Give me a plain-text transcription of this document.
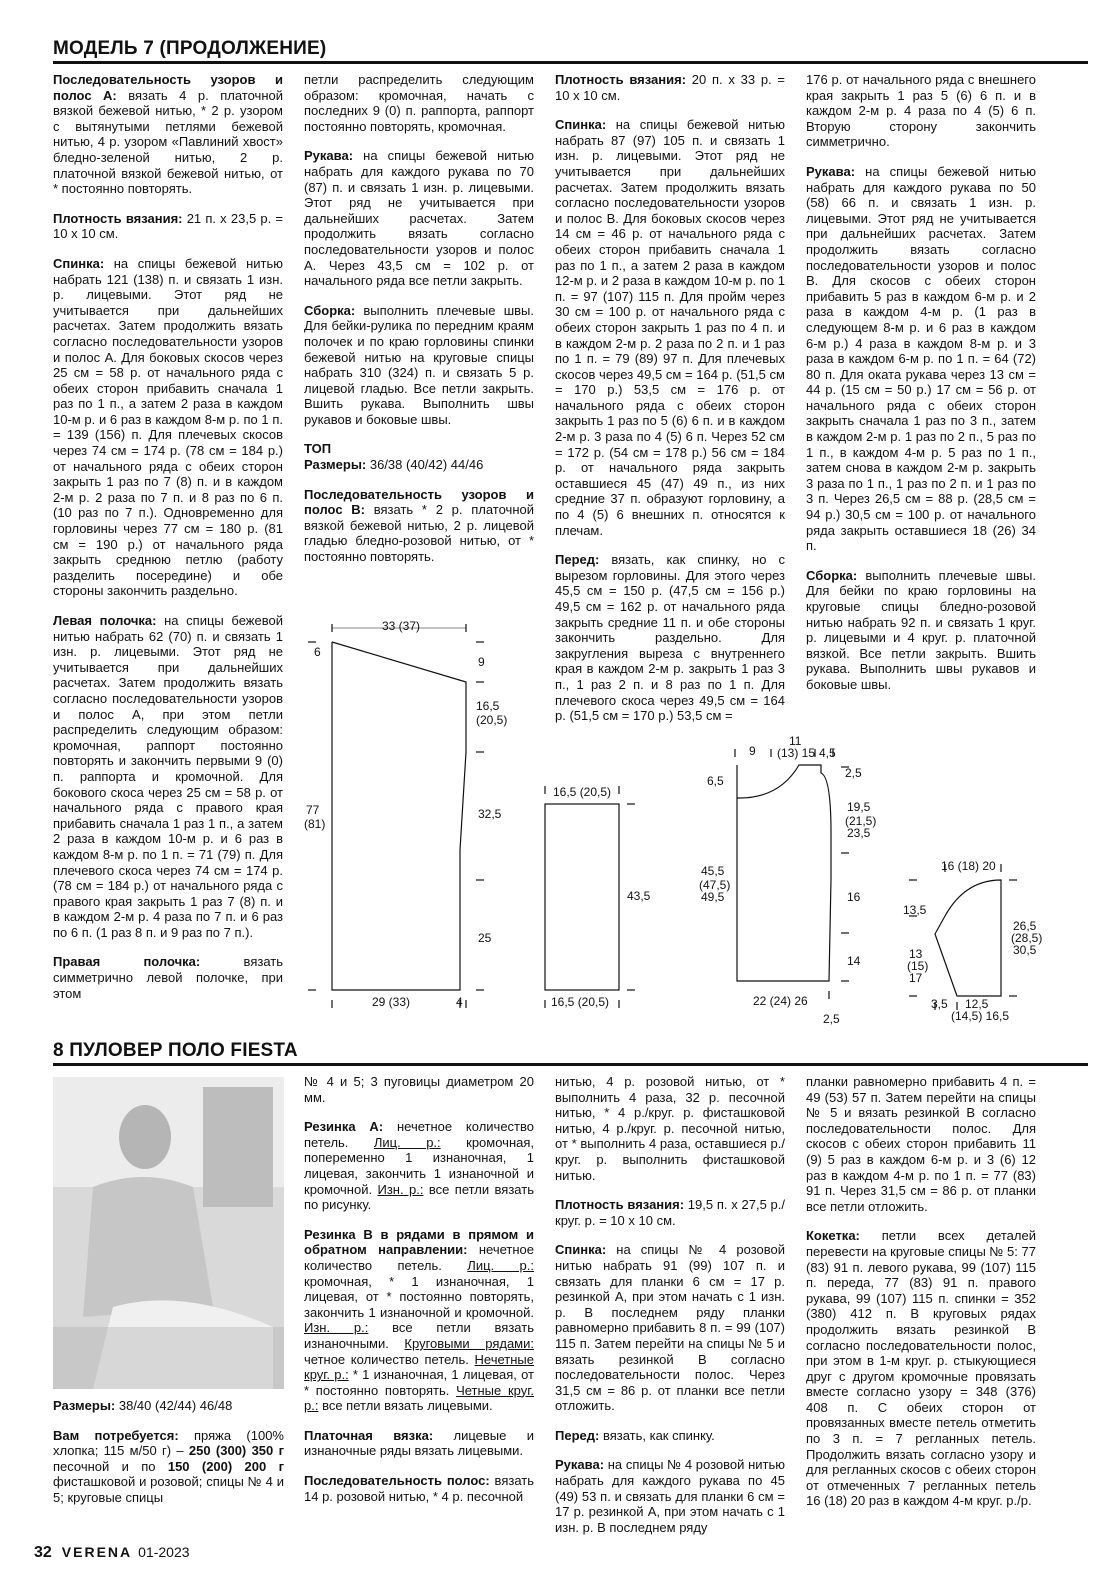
МОДЕЛЬ 7 (ПРОДОЛЖЕНИЕ)

Последовательность узоров и полос А: вязать 4 р. платочной вязкой бежевой нитью, * 2 р. узором с вытянутыми петлями бежевой нитью, 4 р. узором «Павлиний хвост» бледно-зеленой нитью, 2 р. платочной вязкой бежевой нитью, от * постоянно повторять.

Плотность вязания: 21 п. х 23,5 р. = 10 х 10 см.

Спинка: на спицы бежевой нитью набрать 121 (138) п. и связать 1 изн. р. лицевыми. Этот ряд не учитывается при дальнейших расчетах. Затем продолжить вязать согласно последовательности узоров и полос А. Для боковых скосов через 25 см = 58 р. от начального ряда с обеих сторон прибавить сначала 1 раз по 1 п., а затем 2 раза в каждом 10-м р. и 6 раз в каждом 8-м р. по 1 п. = 139 (156) п. Для плечевых скосов через 74 см = 174 р. (78 см = 184 р.) от начального ряда с обеих сторон закрыть 1 раз по 7 (8) п. и в каждом 2-м р. 2 раза по 7 п. и 8 раз по 6 п. (10 раз по 7 п.). Одновременно для горловины через 77 см = 180 р. (81 см = 190 р.) от начального ряда закрыть среднюю петлю (работу разделить посередине) и обе стороны закончить раздельно.

Левая полочка: на спицы бежевой нитью набрать 62 (70) п. и связать 1 изн. р. лицевыми. Этот ряд не учитывается при дальнейших расчетах. Затем продолжить вязать согласно последовательности узоров и полос А, при этом петли распределить следующим образом: кромочная, раппорт постоянно повторять и закончить первыми 9 (0) п. раппорта и кромочной. Для бокового скоса через 25 см = 58 р. от начального ряда с правого края прибавить сначала 1 раз 1 п., а затем 2 раза в каждом 10-м р. и 6 раз в каждом 8-м р. по 1 п. = 71 (79) п. Для плечевого скоса через 74 см = 174 р. (78 см = 184 р.) от начального ряда с правого края закрыть 1 раз 7 (8) п. и в каждом 2-м р. 4 раза по 7 п. и 6 раз по 6 п. (1 раз 8 п. и 9 раз по 7 п.).

Правая полочка: вязать симметрично левой полочке, при этом

петли распределить следующим образом: кромочная, начать с последних 9 (0) п. раппорта, раппорт постоянно повторять, кромочная.

Рукава: на спицы бежевой нитью набрать для каждого рукава по 70 (87) п. и связать 1 изн. р. лицевыми. Этот ряд не учитывается при дальнейших расчетах. Затем продолжить вязать согласно последовательности узоров и полос А. Через 43,5 см = 102 р. от начального ряда все петли закрыть.

Сборка: выполнить плечевые швы. Для бейки-рулика по передним краям полочек и по краю горловины спинки бежевой нитью на круговые спицы набрать 310 (324) п. и связать 5 р. лицевой гладью. Все петли закрыть. Вшить рукава. Выполнить швы рукавов и боковые швы.

ТОП
Размеры: 36/38 (40/42) 44/46

Последовательность узоров и полос В: вязать * 2 р. платочной вязкой бежевой нитью, 2 р. лицевой гладью бледно-розовой нитью, от * постоянно повторять.

Плотность вязания: 20 п. х 33 р. = 10 х 10 см.

Спинка: на спицы бежевой нитью набрать 87 (97) 105 п. и связать 1 изн. р. лицевыми. Этот ряд не учитывается при дальнейших расчетах. Затем продолжить вязать согласно последовательности узоров и полос В. Для боковых скосов через 14 см = 46 р. от начального ряда с обеих сторон прибавить сначала 1 раз по 1 п., а затем 2 раза в каждом 12-м р. и 2 раза в каждом 10-м р. по 1 п. = 97 (107) 115 п. Для пройм через 30 см = 100 р. от начального ряда с обеих сторон закрыть 1 раз по 4 п. и в каждом 2-м р. 2 раза по 2 п. и 1 раз по 1 п. = 79 (89) 97 п. Для плечевых скосов через 49,5 см = 164 р. (51,5 см = 170 р.) 53,5 см = 176 р. от начального ряда с обеих сторон закрыть 1 раз по 5 (6) 6 п. и в каждом 2-м р. 3 раза по 4 (5) 6 п. Через 52 см = 172 р. (54 см = 178 р.) 56 см = 184 р. от начального ряда закрыть оставшиеся 45 (47) 49 п., из них средние 37 п. образуют горловину, а по 4 (5) 6 внешних п. относятся к плечам.

Перед: вязать, как спинку, но с вырезом горловины. Для этого через 45,5 см = 150 р. (47,5 см = 156 р.) 49,5 см = 162 р. от начального ряда закрыть средние 11 п. и обе стороны закончить раздельно. Для закругления выреза с внутреннего края в каждом 2-м р. закрыть 1 раз 3 п., 1 раз 2 п. и 8 раз по 1 п. Для плечевого скоса через 49,5 см = 164 р. (51,5 см = 170 р.) 53,5 см =

176 р. от начального ряда с внешнего края закрыть 1 раз 5 (6) 6 п. и в каждом 2-м р. 4 раза по 4 (5) 6 п. Вторую сторону закончить симметрично.

Рукава: на спицы бежевой нитью набрать для каждого рукава по 50 (58) 66 п. и связать 1 изн. р. лицевыми. Этот ряд не учитывается при дальнейших расчетах. Затем продолжить вязать согласно последовательности узоров и полос В. Для скосов с обеих сторон прибавить 5 раз в каждом 6-м р. и 2 раза в каждом 4-м р. (1 раз в следующем 8-м р. и 6 раз в каждом 6-м р.) 4 раза в каждом 8-м р. и 3 раза в каждом 6-м р. по 1 п. = 64 (72) 80 п. Для оката рукава через 13 см = 44 р. (15 см = 50 р.) 17 см = 56 р. от начального ряда с обеих сторон закрыть сначала 1 раз по 3 п., затем в каждом 2-м р. 1 раз по 2 п., 5 раз по 1 п., в каждом 4-м р. 5 раз по 1 п., затем снова в каждом 2-м р. закрыть 3 раза по 1 п., 1 раз по 2 п. и 1 раз по 3 п. Через 26,5 см = 88 р. (28,5 см = 94 р.) 30,5 см = 100 р. от начального ряда закрыть оставшиеся 18 (26) 34 п.

Сборка: выполнить плечевые швы. Для бейки по краю горловины на круговые спицы бледно-розовой нитью набрать 92 п. и связать 1 круг. р. лицевыми и 4 круг. р. платочной вязкой. Все петли закрыть. Вшить рукава. Выполнить швы рукавов и боковые швы.

33 (37)
6
9
16,5
(20,5)
32,5
25
77
(81)
29 (33)	4
16,5 (20,5)
43,5
16,5 (20,5)
9
11
(13) 15 4,5
2,5
6,5
19,5
(21,5)
23,5
45,5
(47,5)
49,5	16
14
22 (24) 26
2,5
16 (18) 20
13,5
13
(15)
17
26,5
(28,5)
30,5
3,5 12,5
(14,5) 16,5
8 ПУЛОВЕР ПОЛО FIESTA

Размеры: 38/40 (42/44) 46/48

Вам потребуется: пряжа (100% хлопка; 115 м/50 г) – 250 (300) 350 г песочной и по 150 (200) 200 г фисташковой и розовой; спицы № 4 и 5; круговые спицы

№ 4 и 5; 3 пуговицы диаметром 20 мм.

Резинка А: нечетное количество петель. Лиц. р.: кромочная, попеременно 1 изнаночная, 1 лицевая, закончить 1 изнаночной и кромочной. Изн. р.: все петли вязать по рисунку.

Резинка В в рядами в прямом и обратном направлении: нечетное количество петель. Лиц. р.: кромочная, * 1 изнаночная, 1 лицевая, от * постоянно повторять, закончить 1 изнаночной и кромочной. Изн. р.: все петли вязать изнаночными. Круговыми рядами: четное количество петель. Нечетные круг. р.: * 1 изнаночная, 1 лицевая, от * постоянно повторять. Четные круг. р.: все петли вязать лицевыми.

Платочная вязка: лицевые и изнаночные ряды вязать лицевыми.

Последовательность полос: вязать 14 р. розовой нитью, * 4 р. песочной

нитью, 4 р. розовой нитью, от * выполнить 4 раза, 32 р. песочной нитью, * 4 р./круг. р. фисташковой нитью, 4 р./круг. р. песочной нитью, от * выполнить 4 раза, оставшиеся р./круг. р. выполнить фисташковой нитью.

Плотность вязания: 19,5 п. х 27,5 р./круг. р. = 10 х 10 см.

Спинка: на спицы № 4 розовой нитью набрать 91 (99) 107 п. и связать для планки 6 см = 17 р. резинкой А, при этом начать с 1 изн. р. В последнем ряду планки равномерно прибавить 8 п. = 99 (107) 115 п. Затем перейти на спицы № 5 и вязать резинкой В согласно последовательности полос. Через 31,5 см = 86 р. от планки все петли отложить.

Перед: вязать, как спинку.

Рукава: на спицы № 4 розовой нитью набрать для каждого рукава по 45 (49) 53 п. и связать для планки 6 см = 17 р. резинкой А, при этом начать с 1 изн. р. В последнем ряду

планки равномерно прибавить 4 п. = 49 (53) 57 п. Затем перейти на спицы № 5 и вязать резинкой В согласно последовательности полос. Для скосов с обеих сторон прибавить 11 (9) 5 раз в каждом 6-м р. и 3 (6) 12 раз в каждом 4-м р. по 1 п. = 77 (83) 91 п. Через 31,5 см = 86 р. от планки все петли отложить.

Кокетка: петли всех деталей перевести на круговые спицы № 5: 77 (83) 91 п. левого рукава, 99 (107) 115 п. переда, 77 (83) 91 п. правого рукава, 99 (107) 115 п. спинки = 352 (380) 412 п. В круговых рядах продолжить вязать резинкой В согласно последовательности полос, при этом в 1-м круг. р. стыкующиеся друг с другом кромочные провязать вместе согласно узору = 348 (376) 408 п. С обеих сторон от провязанных вместе петель отметить по 3 п. = 7 регланных петель. Продолжить вязать согласно узору и для регланных скосов с обеих сторон от отмеченных 7 регланных петель 16 (18) 20 раз в каждом 4-м круг. р./р.

32 VERENA 01-2023
